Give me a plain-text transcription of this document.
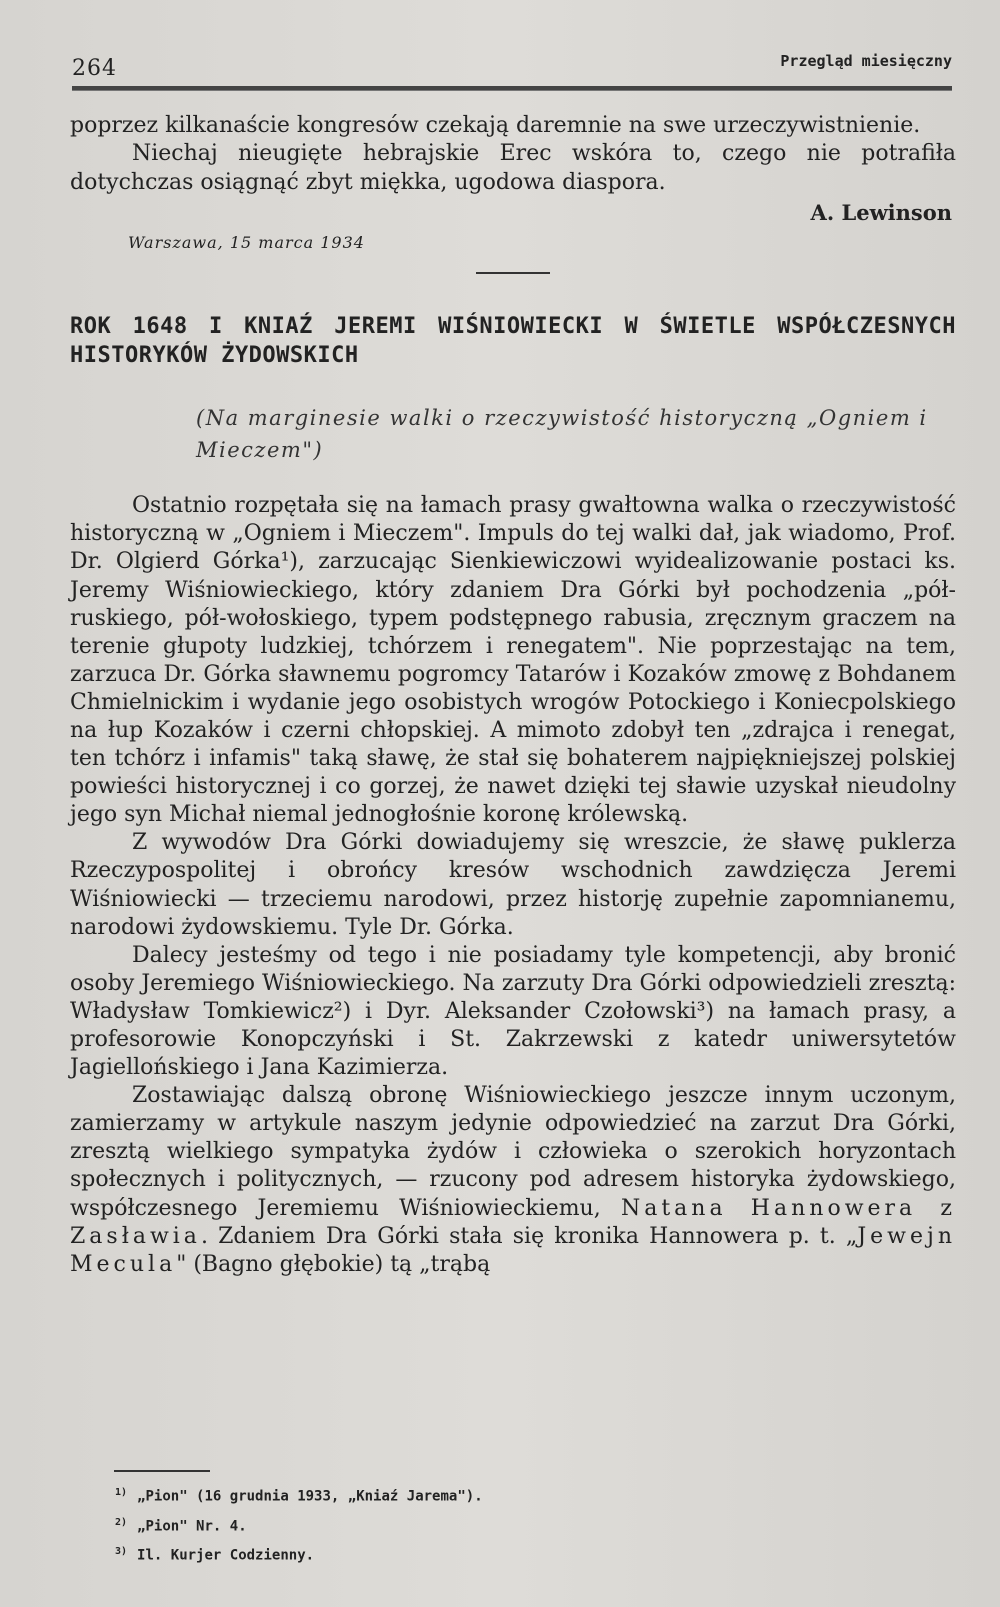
264	Przegląd miesięczny

poprzez kilkanaście kongresów czekają daremnie na swe urzeczywistnienie.

Niechaj nieugięte hebrajskie Erec wskóra to, czego nie potrafiła dotychczas osiągnąć zbyt miękka, ugodowa diaspora.

A. Lewinson
Warszawa, 15 marca 1934
ROK 1648 I KNIAŹ JEREMI WIŚNIOWIECKI W ŚWIETLE WSPÓŁCZESNYCH HISTORYKÓW ŻYDOWSKICH
(Na marginesie walki o rzeczywistość historyczną „Ogniem i Mieczem")

Ostatnio rozpętała się na łamach prasy gwałtowna walka o rzeczywistość historyczną w „Ogniem i Mieczem". Impuls do tej walki dał, jak wiadomo, Prof. Dr. Olgierd Górka¹), zarzucając Sienkiewiczowi wyidealizowanie postaci ks. Jeremy Wiśniowieckiego, który zdaniem Dra Górki był pochodzenia „pół-ruskiego, pół-wołoskiego, typem podstępnego rabusia, zręcznym graczem na terenie głupoty ludzkiej, tchórzem i renegatem". Nie poprzestając na tem, zarzuca Dr. Górka sławnemu pogromcy Tatarów i Kozaków zmowę z Bohdanem Chmielnickim i wydanie jego osobistych wrogów Potockiego i Koniecpolskiego na łup Kozaków i czerni chłopskiej. A mimoto zdobył ten „zdrajca i renegat, ten tchórz i infamis" taką sławę, że stał się bohaterem najpiękniejszej polskiej powieści historycznej i co gorzej, że nawet dzięki tej sławie uzyskał nieudolny jego syn Michał niemal jednogłośnie koronę królewską.

Z wywodów Dra Górki dowiadujemy się wreszcie, że sławę puklerza Rzeczypospolitej i obrońcy kresów wschodnich zawdzięcza Jeremi Wiśniowiecki — trzeciemu narodowi, przez historję zupełnie zapomnianemu, narodowi żydowskiemu. Tyle Dr. Górka.

Dalecy jesteśmy od tego i nie posiadamy tyle kompetencji, aby bronić osoby Jeremiego Wiśniowieckiego. Na zarzuty Dra Górki odpowiedzieli zresztą: Władysław Tomkiewicz²) i Dyr. Aleksander Czołowski³) na łamach prasy, a profesorowie Konopczyński i St. Zakrzewski z katedr uniwersytetów Jagiellońskiego i Jana Kazimierza.

Zostawiając dalszą obronę Wiśniowieckiego jeszcze innym uczonym, zamierzamy w artykule naszym jedynie odpowiedzieć na zarzut Dra Górki, zresztą wielkiego sympatyka żydów i człowieka o szerokich horyzontach społecznych i politycznych, — rzucony pod adresem historyka żydowskiego, współczesnego Jeremiemu Wiśniowieckiemu, Natana Hannowera z Zasławia. Zdaniem Dra Górki stała się kronika Hannowera p. t. „Jewejn Mecula" (Bagno głębokie) tą „trąbą

$^{1)}$ „Pion" (16 grudnia 1933, „Kniaź Jarema").
$^{2)}$ „Pion" Nr. 4.
$^{3)}$ Il. Kurjer Codzienny.
